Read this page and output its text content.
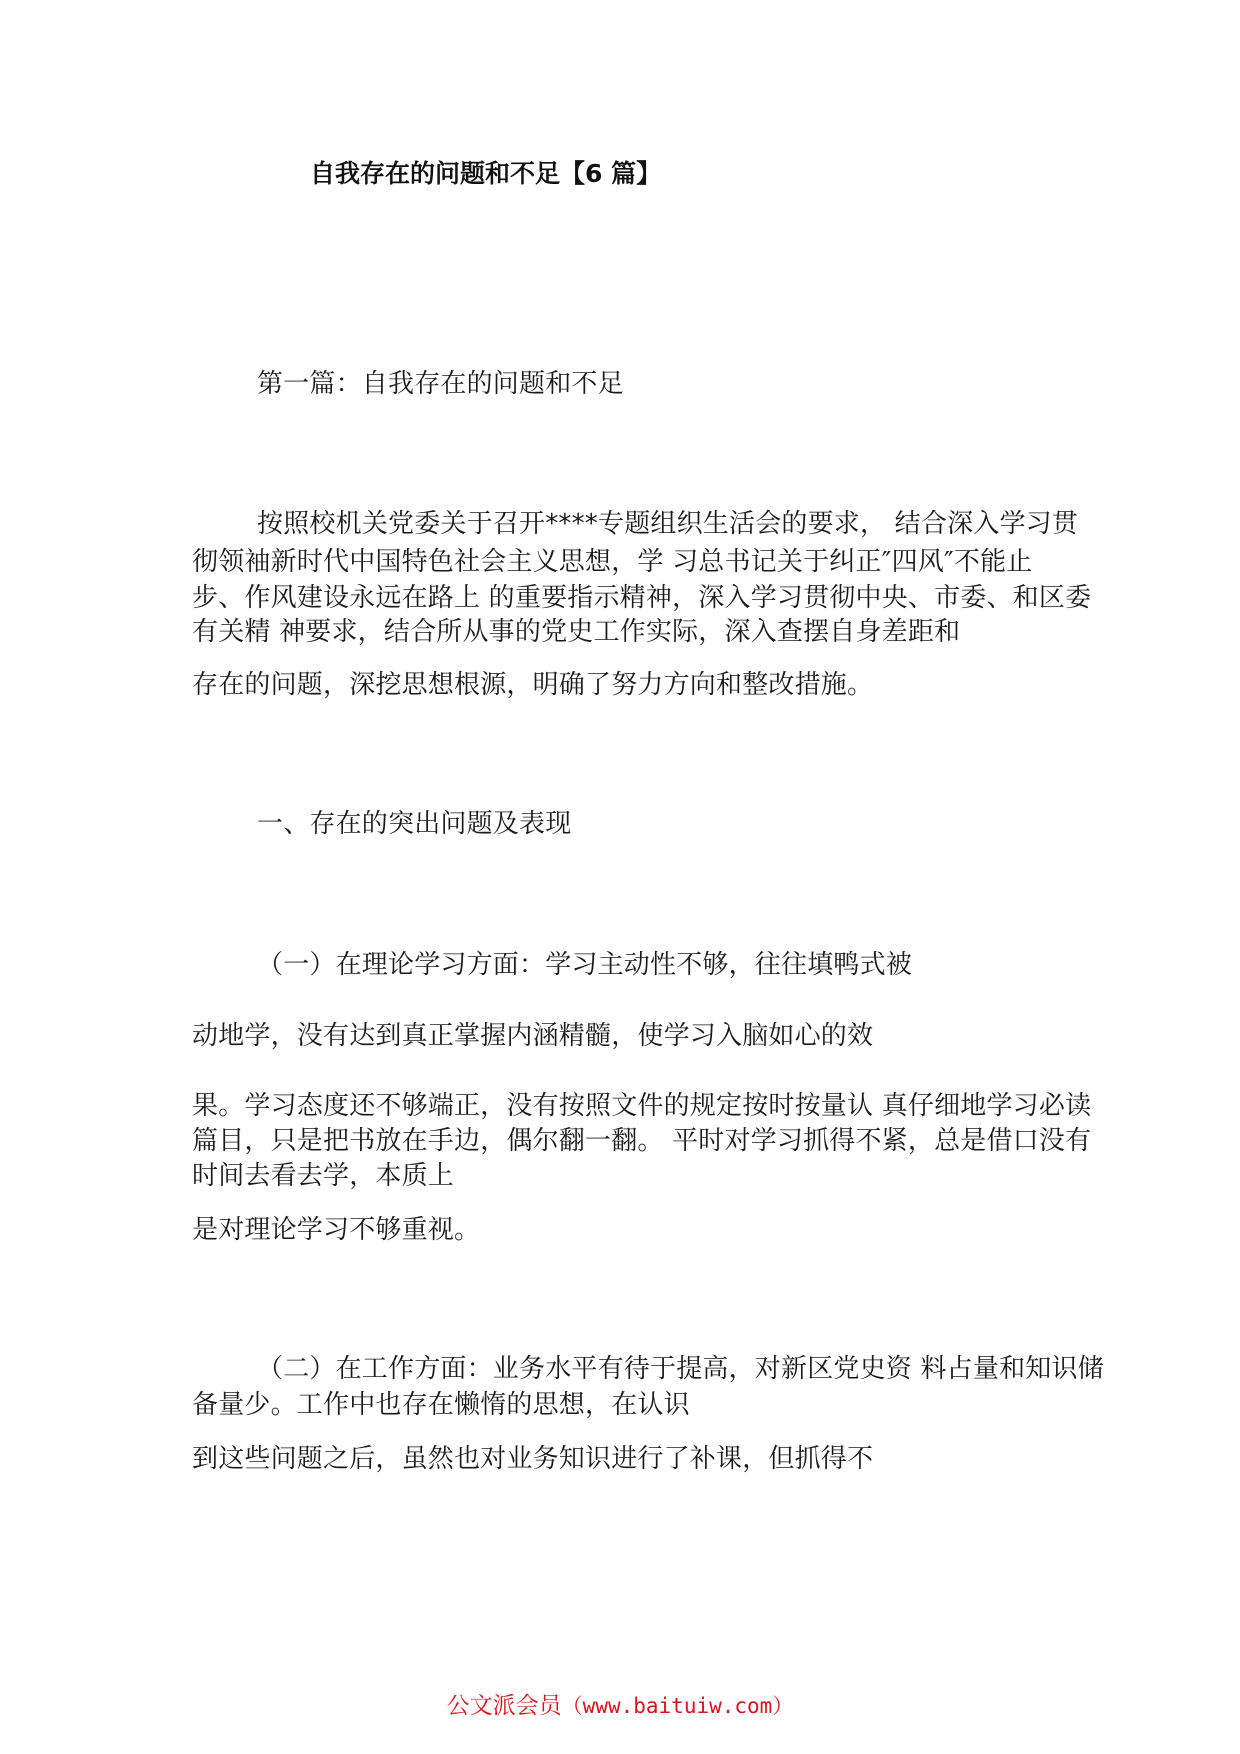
自我存在的问题和不足【6 篇】
第一篇：自我存在的问题和不足
按照校机关党委关于召开****专题组织生活会的要求， 结合深入学习贯
彻领袖新时代中国特色社会主义思想，学 习总书记关于纠正″四风″不能止
步、作风建设永远在路上 的重要指示精神，深入学习贯彻中央、市委、和区委
有关精 神要求，结合所从事的党史工作实际，深入查摆自身差距和
存在的问题，深挖思想根源，明确了努力方向和整改措施。
一、存在的突出问题及表现
（一）在理论学习方面：学习主动性不够，往往填鸭式被
动地学，没有达到真正掌握内涵精髓，使学习入脑如心的效
果。学习态度还不够端正，没有按照文件的规定按时按量认 真仔细地学习必读
篇目，只是把书放在手边，偶尔翻一翻。 平时对学习抓得不紧，总是借口没有
时间去看去学，本质上
是对理论学习不够重视。
（二）在工作方面：业务水平有待于提高，对新区党史资 料占量和知识储
备量少。工作中也存在懒惰的思想，在认识
到这些问题之后，虽然也对业务知识进行了补课，但抓得不
公文派会员（www.baituiw.com）
